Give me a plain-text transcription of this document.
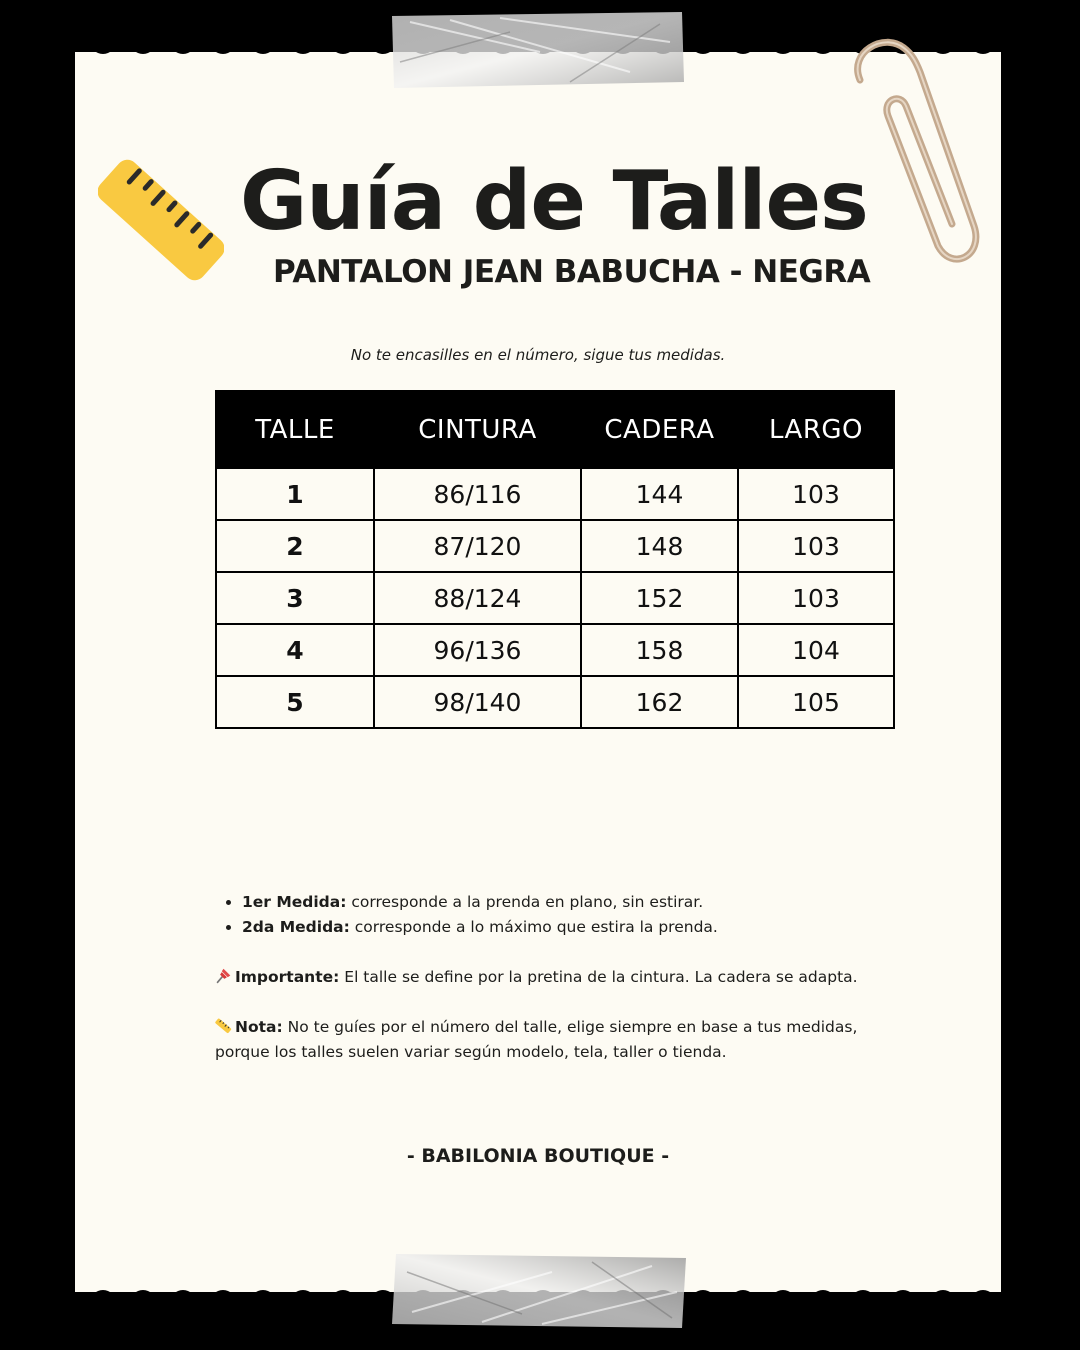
Guía de Talles
PANTALON JEAN BABUCHA - NEGRA
No te encasilles en el número, sigue tus medidas.
TALLE	CINTURA	CADERA	LARGO
1	86/116	144	103
2	87/120	148	103
3	88/124	152	103
4	96/136	158	104
5	98/140	162	105
• 1er Medida: corresponde a la prenda en plano, sin estirar.
• 2da Medida: corresponde a lo máximo que estira la prenda.

Importante: El talle se define por la pretina de la cintura. La cadera se adapta.

Nota: No te guíes por el número del talle, elige siempre en base a tus medidas, porque los talles suelen variar según modelo, tela, taller o tienda.

- BABILONIA BOUTIQUE -
